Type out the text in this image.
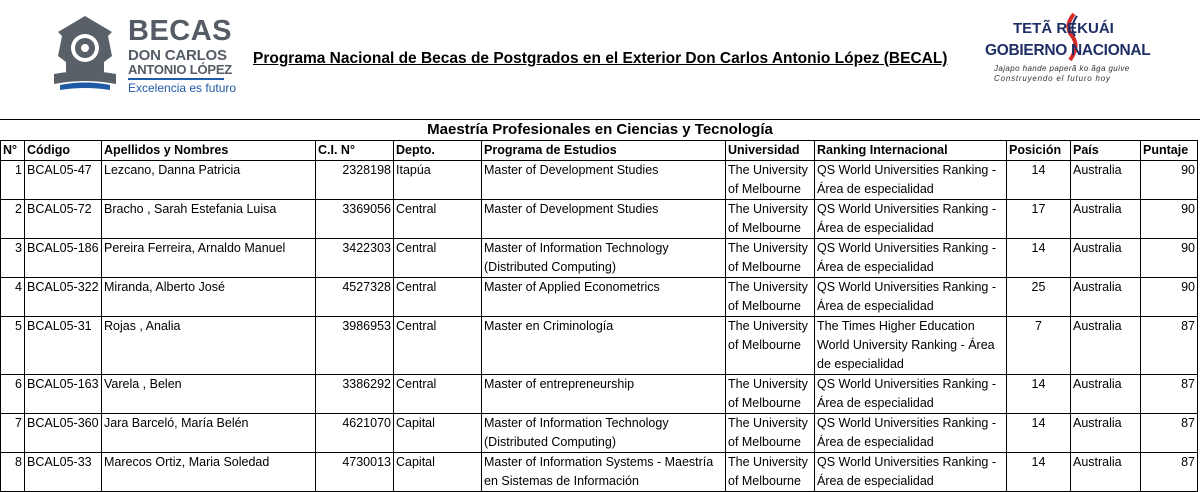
BECAS
DON CARLOS
ANTONIO LÓPEZ
Excelencia es futuro
Programa Nacional de Becas de Postgrados en el Exterior Don Carlos Antonio López (BECAL)
TETÃ REKUÁI
GOBIERNO NACIONAL
Jajapo hande paperã ko ãga guive
Construyendo el futuro hoy
Maestría Profesionales en Ciencias y Tecnología
N°	Código	Apellidos y Nombres	C.I. N°	Depto.	Programa de Estudios	Universidad	Ranking Internacional	Posición	País	Puntaje
1	BCAL05-47	Lezcano, Danna Patricia	2328198	Itapúa	Master of Development Studies	The University of Melbourne	QS World Universities Ranking - Área de especialidad	14	Australia	90
2	BCAL05-72	Bracho , Sarah Estefania Luisa	3369056	Central	Master of Development Studies	The University of Melbourne	QS World Universities Ranking - Área de especialidad	17	Australia	90
3	BCAL05-186	Pereira Ferreira, Arnaldo Manuel	3422303	Central	Master of Information Technology (Distributed Computing)	The University of Melbourne	QS World Universities Ranking - Área de especialidad	14	Australia	90
4	BCAL05-322	Miranda, Alberto José	4527328	Central	Master of Applied Econometrics	The University of Melbourne	QS World Universities Ranking - Área de especialidad	25	Australia	90
5	BCAL05-31	Rojas , Analia	3986953	Central	Master en Criminología	The University of Melbourne	The Times Higher Education World University Ranking - Área de especialidad	7	Australia	87
6	BCAL05-163	Varela , Belen	3386292	Central	Master of entrepreneurship	The University of Melbourne	QS World Universities Ranking - Área de especialidad	14	Australia	87
7	BCAL05-360	Jara Barceló, María Belén	4621070	Capital	Master of Information Technology (Distributed Computing)	The University of Melbourne	QS World Universities Ranking - Área de especialidad	14	Australia	87
8	BCAL05-33	Marecos Ortiz, Maria Soledad	4730013	Capital	Master of Information Systems - Maestría en Sistemas de Información	The University of Melbourne	QS World Universities Ranking - Área de especialidad	14	Australia	87
